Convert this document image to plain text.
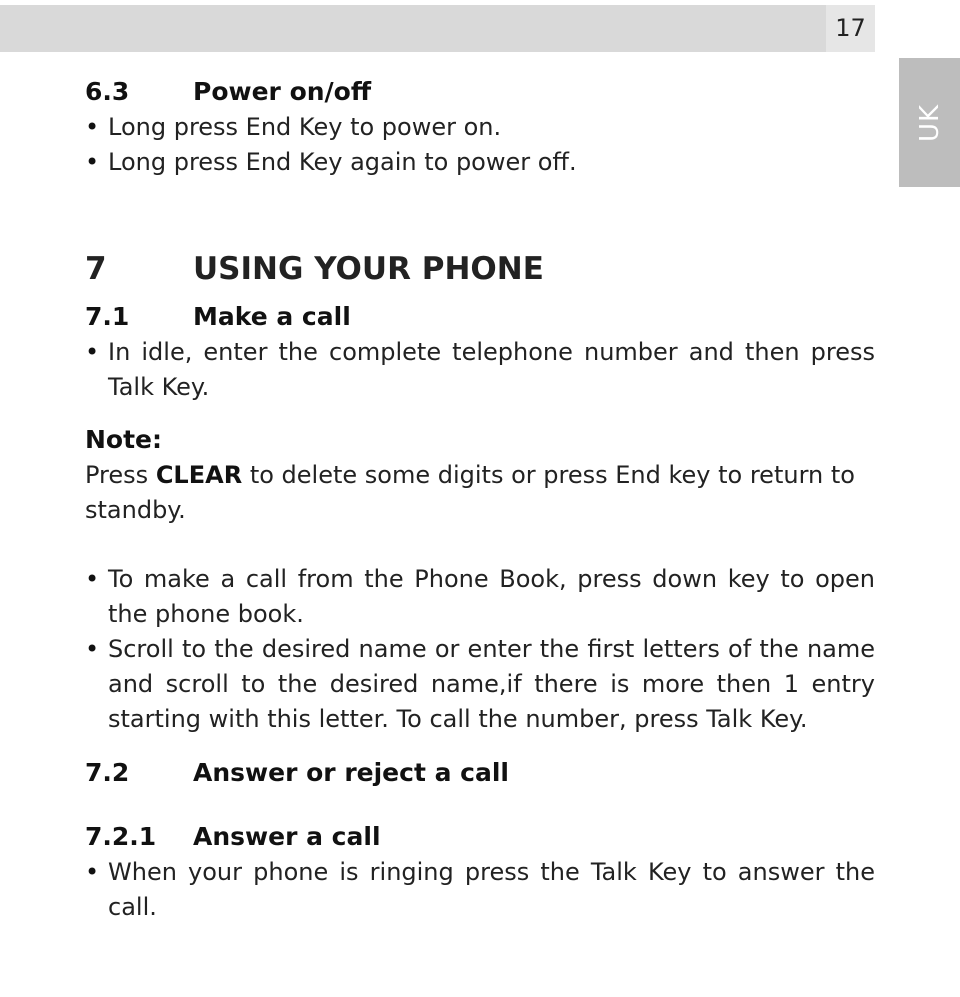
17
UK
6.3	Power on/off
• Long press End Key to power on.
• Long press End Key again to power off.
7	USING YOUR PHONE
7.1	Make a call
• In idle, enter the complete telephone number and then press Talk Key.

Note:

Press CLEAR to delete some digits or press End key to return to standby.

• To make a call from the Phone Book, press down key to open the phone book.
• Scroll to the desired name or enter the first letters of the name and scroll to the desired name,if there is more then 1 entry starting with this letter. To call the number, press Talk Key.
7.2	Answer or reject a call
7.2.1 Answer a call
• When your phone is ringing press the Talk Key to answer the call.
